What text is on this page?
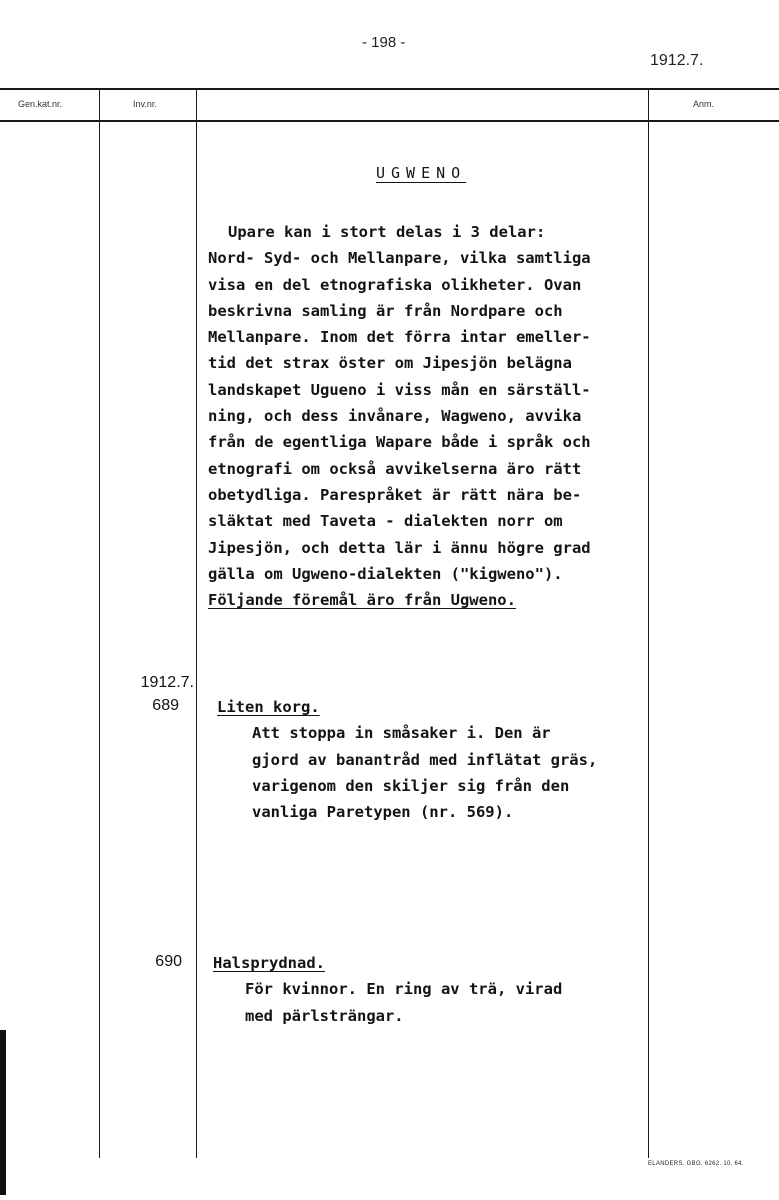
- 198 -
1912.7.
Gen.kat.nr.	Inv.nr.	Anm.
UGWENO
Upare kan i stort delas i 3 delar:
Nord- Syd- och Mellanpare, vilka samtliga
visa en del etnografiska olikheter. Ovan
beskrivna samling är från Nordpare och
Mellanpare. Inom det förra intar emeller-
tid det strax öster om Jipesjön belägna
landskapet Ugueno i viss mån en särställ-
ning, och dess invånare, Wagweno, avvika
från de egentliga Wapare både i språk och
etnografi om också avvikelserna äro rätt
obetydliga. Parespråket är rätt nära be-
släktat med Taveta - dialekten norr om
Jipesjön, och detta lär i ännu högre grad
gälla om Ugweno-dialekten ("kigweno").
Följande föremål äro från Ugweno.
1912.7.
689 Liten korg.
Att stoppa in småsaker i. Den är
gjord av banantråd med inflätat gräs,
varigenom den skiljer sig från den
vanliga Paretypen (nr. 569).
690 Halsprydnad.
För kvinnor. En ring av trä, virad
med pärlsträngar.
ELANDERS. GBG. 6262. 10. 64.
